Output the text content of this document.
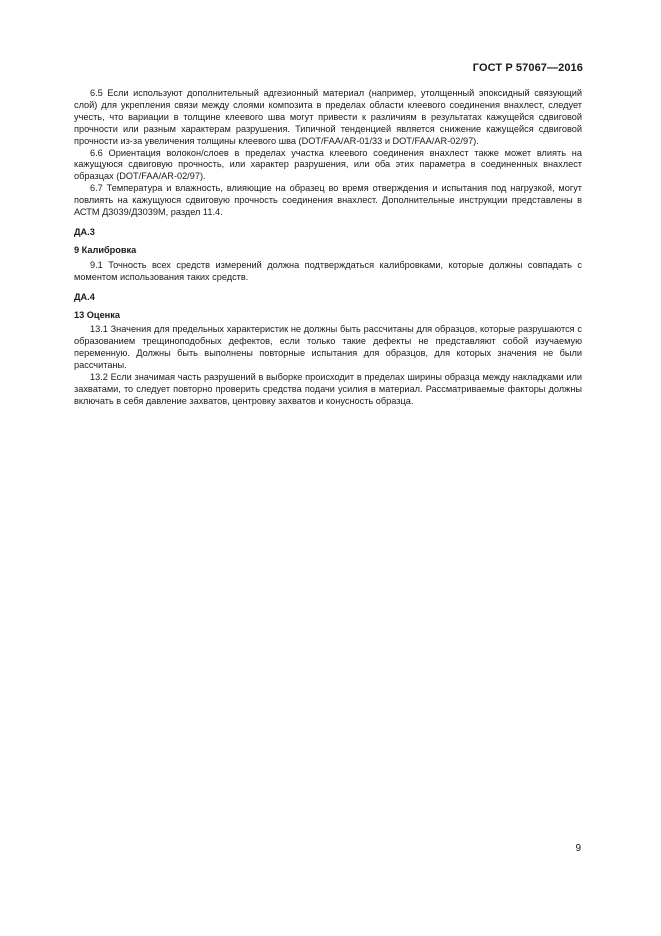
ГОСТ Р 57067—2016

6.5 Если используют дополнительный адгезионный материал (например, утолщенный эпоксидный связующий слой) для укрепления связи между слоями композита в пределах области клеевого соединения внахлест, следует учесть, что вариации в толщине клеевого шва могут привести к различиям в результатах кажущейся сдвиговой прочности или разным характерам разрушения. Типичной тенденцией является снижение кажущейся сдвиговой прочности из-за увеличения толщины клеевого шва (DOT/FAA/AR-01/33 и DOT/FAA/AR-02/97).

6.6 Ориентация волокон/слоев в пределах участка клеевого соединения внахлест также может влиять на кажущуюся сдвиговую прочность, или характер разрушения, или оба этих параметра в соединенных внахлест образцах (DOT/FAA/AR-02/97).

6.7 Температура и влажность, влияющие на образец во время отверждения и испытания под нагрузкой, могут повлиять на кажущуюся сдвиговую прочность соединения внахлест. Дополнительные инструкции представлены в АСТМ Д3039/Д3039М, раздел 11.4.

ДА.3
9 Калибровка

9.1 Точность всех средств измерений должна подтверждаться калибровками, которые должны совпадать с моментом использования таких средств.

ДА.4
13 Оценка

13.1 Значения для предельных характеристик не должны быть рассчитаны для образцов, которые разрушаются с образованием трещиноподобных дефектов, если только такие дефекты не представляют собой изучаемую переменную. Должны быть выполнены повторные испытания для образцов, для которых значения не были рассчитаны.

13.2 Если значимая часть разрушений в выборке происходит в пределах ширины образца между накладками или захватами, то следует повторно проверить средства подачи усилия в материал. Рассматриваемые факторы должны включать в себя давление захватов, центровку захватов и конусность образца.

9
